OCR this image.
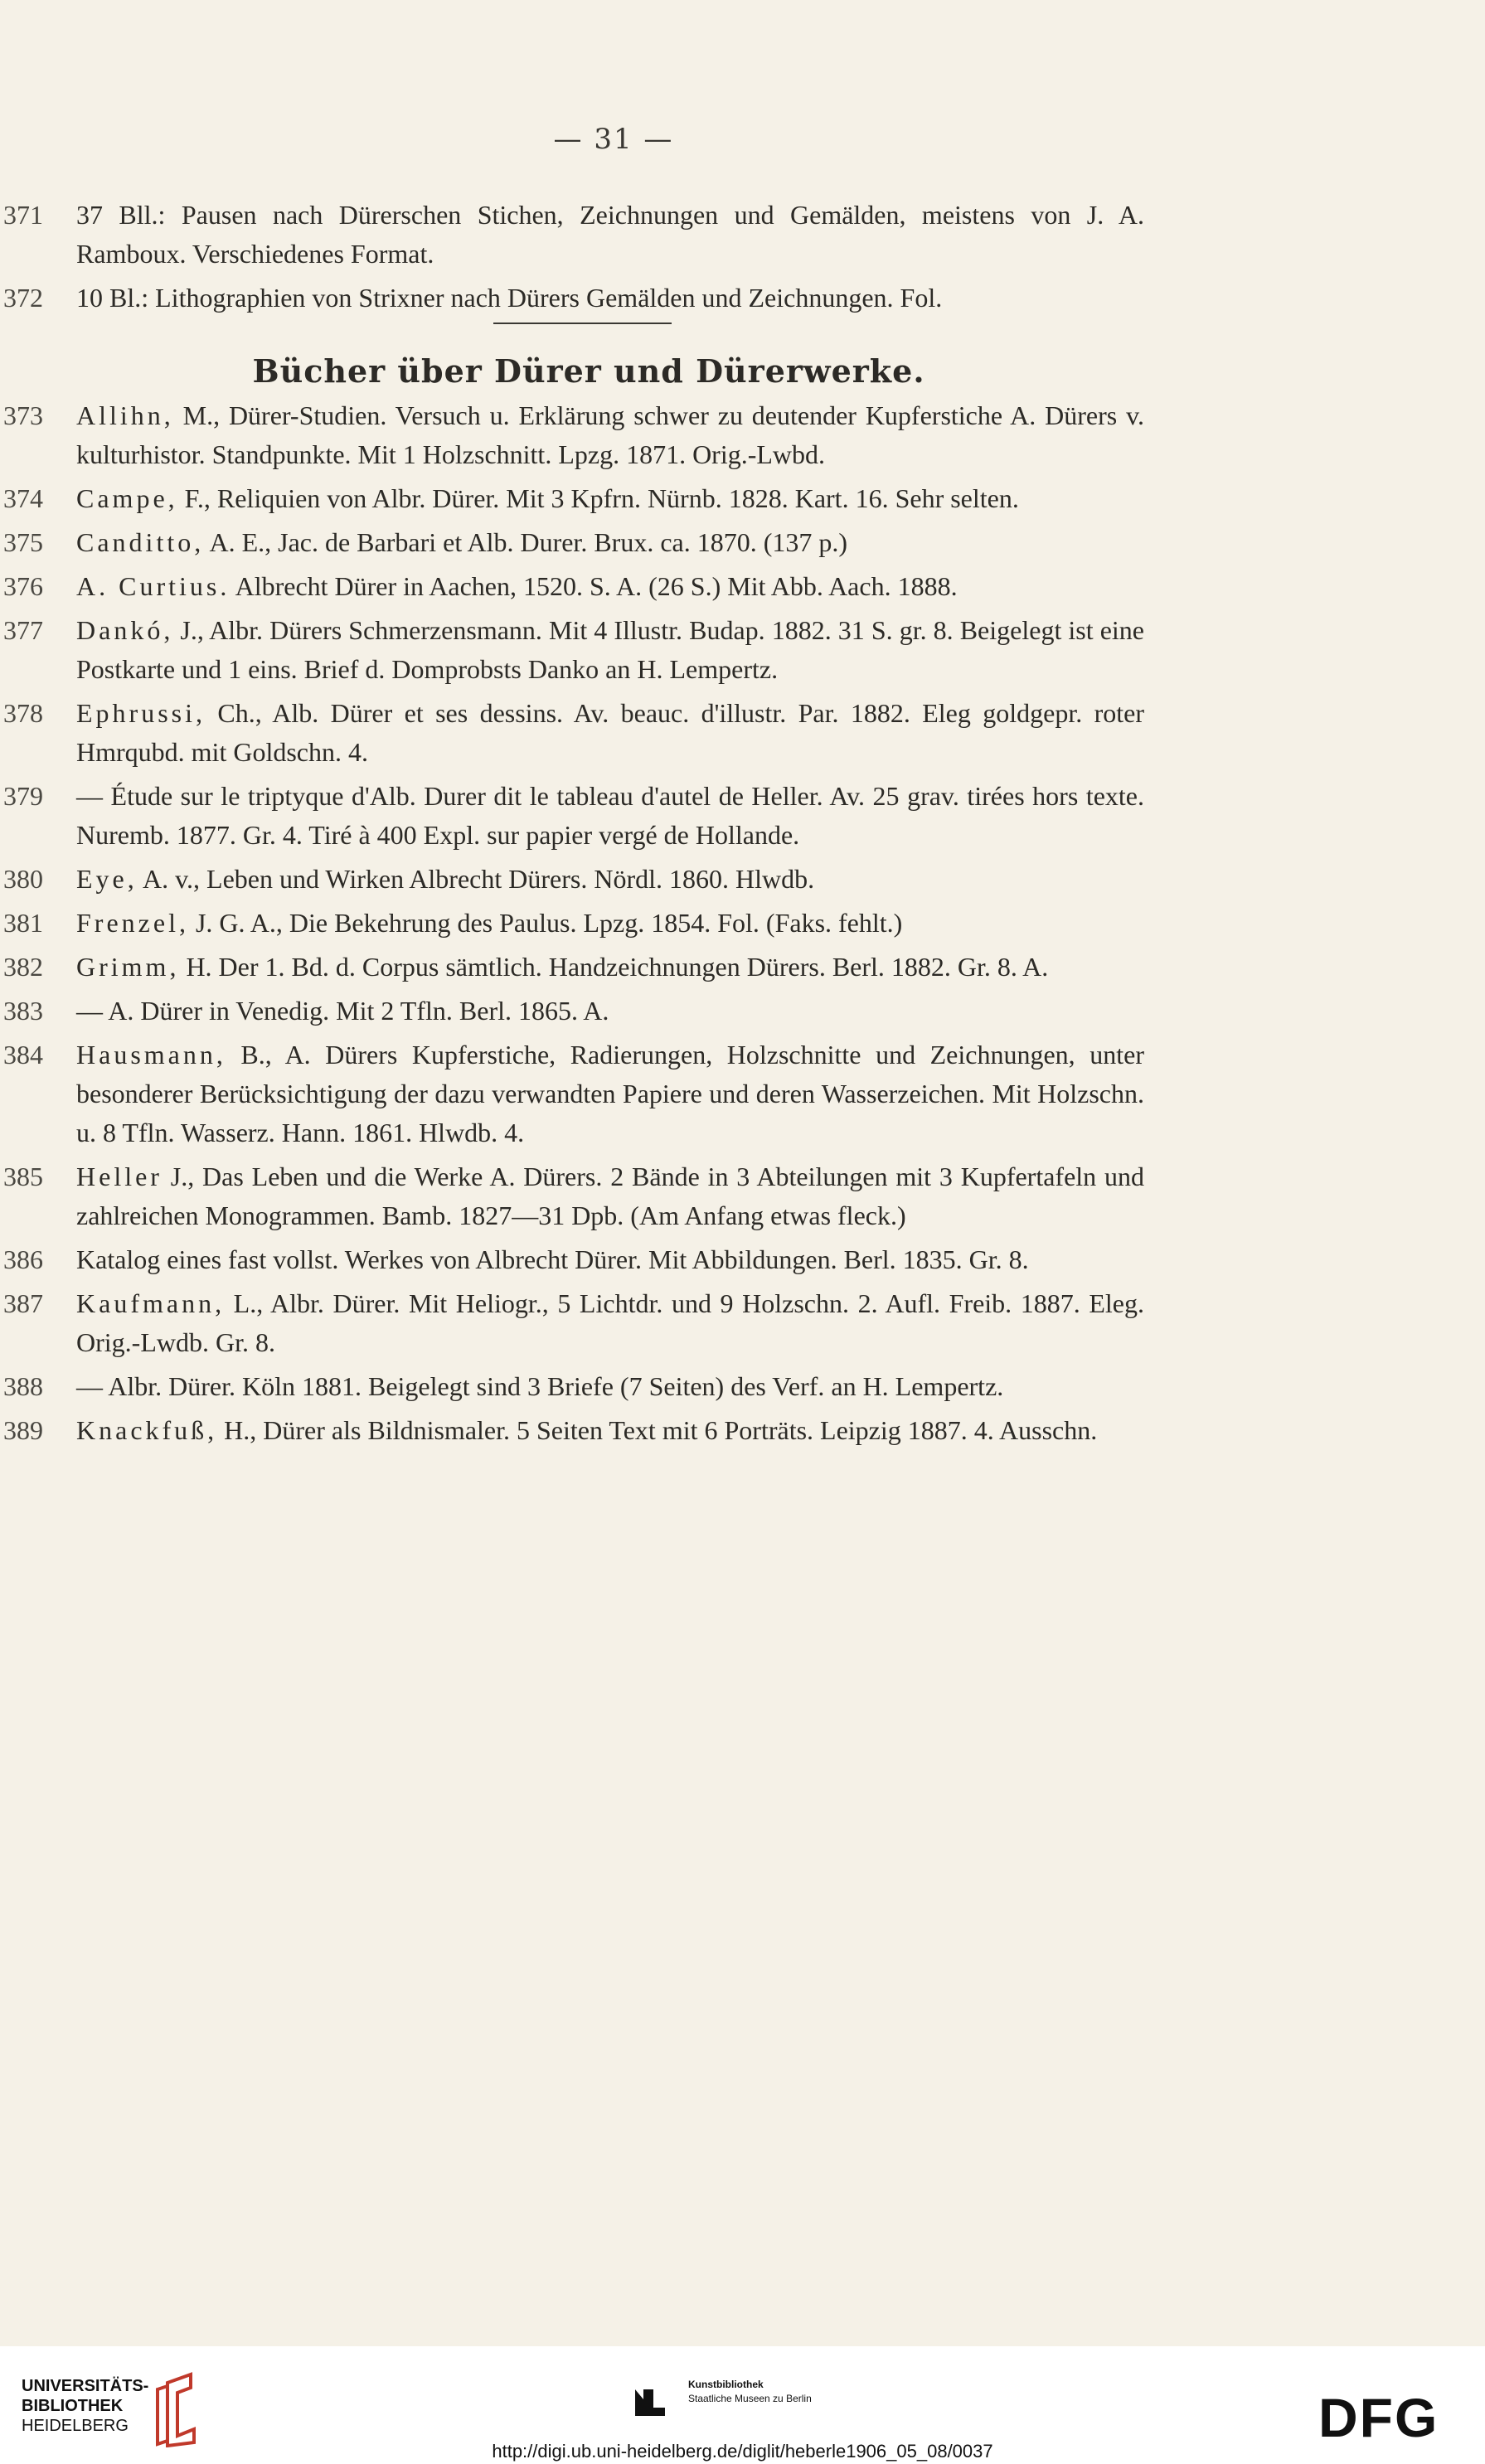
— 31 —
371	37 Bll.: Pausen nach Dürerschen Stichen, Zeichnungen und Gemälden, meistens von J. A. Ramboux. Verschiedenes Format.
372	10 Bl.: Lithographien von Strixner nach Dürers Gemälden und Zeichnungen. Fol.
Bücher über Dürer und Dürerwerke.
373	Allihn, M., Dürer-Studien. Versuch u. Erklärung schwer zu deutender Kupferstiche A. Dürers v. kulturhistor. Standpunkte. Mit 1 Holzschnitt. Lpzg. 1871. Orig.-Lwbd.
374	Campe, F., Reliquien von Albr. Dürer. Mit 3 Kpfrn. Nürnb. 1828. Kart. 16. Sehr selten.
375	Canditto, A. E., Jac. de Barbari et Alb. Durer. Brux. ca. 1870. (137 p.)
376	A. Curtius. Albrecht Dürer in Aachen, 1520. S. A. (26 S.) Mit Abb. Aach. 1888.
377	Dankó, J., Albr. Dürers Schmerzensmann. Mit 4 Illustr. Budap. 1882. 31 S. gr. 8. Beigelegt ist eine Postkarte und 1 eins. Brief d. Domprobsts Danko an H. Lempertz.
378	Ephrussi, Ch., Alb. Dürer et ses dessins. Av. beauc. d'illustr. Par. 1882. Eleg goldgepr. roter Hmrqubd. mit Goldschn. 4.
379	— Étude sur le triptyque d'Alb. Durer dit le tableau d'autel de Heller. Av. 25 grav. tirées hors texte. Nuremb. 1877. Gr. 4. Tiré à 400 Expl. sur papier vergé de Hollande.
380	Eye, A. v., Leben und Wirken Albrecht Dürers. Nördl. 1860. Hlwdb.
381	Frenzel, J. G. A., Die Bekehrung des Paulus. Lpzg. 1854. Fol. (Faks. fehlt.)
382	Grimm, H. Der 1. Bd. d. Corpus sämtlich. Handzeichnungen Dürers. Berl. 1882. Gr. 8. A.
383	— A. Dürer in Venedig. Mit 2 Tfln. Berl. 1865. A.
384	Hausmann, B., A. Dürers Kupferstiche, Radierungen, Holzschnitte und Zeichnungen, unter besonderer Berücksichtigung der dazu verwandten Papiere und deren Wasserzeichen. Mit Holzschn. u. 8 Tfln. Wasserz. Hann. 1861. Hlwdb. 4.
385	Heller J., Das Leben und die Werke A. Dürers. 2 Bände in 3 Abteilungen mit 3 Kupfertafeln und zahlreichen Monogrammen. Bamb. 1827—31 Dpb. (Am Anfang etwas fleck.)
386	Katalog eines fast vollst. Werkes von Albrecht Dürer. Mit Abbildungen. Berl. 1835. Gr. 8.
387	Kaufmann, L., Albr. Dürer. Mit Heliogr., 5 Lichtdr. und 9 Holzschn. 2. Aufl. Freib. 1887. Eleg. Orig.-Lwdb. Gr. 8.
388	— Albr. Dürer. Köln 1881. Beigelegt sind 3 Briefe (7 Seiten) des Verf. an H. Lempertz.
389	Knackfuß, H., Dürer als Bildnismaler. 5 Seiten Text mit 6 Porträts. Leipzig 1887. 4. Ausschn.
UNIVERSITÄTS-
BIBLIOTHEK
HEIDELBERG
Kunstbibliothek
Staatliche Museen zu Berlin	DFG
http://digi.ub.uni-heidelberg.de/diglit/heberle1906_05_08/0037
